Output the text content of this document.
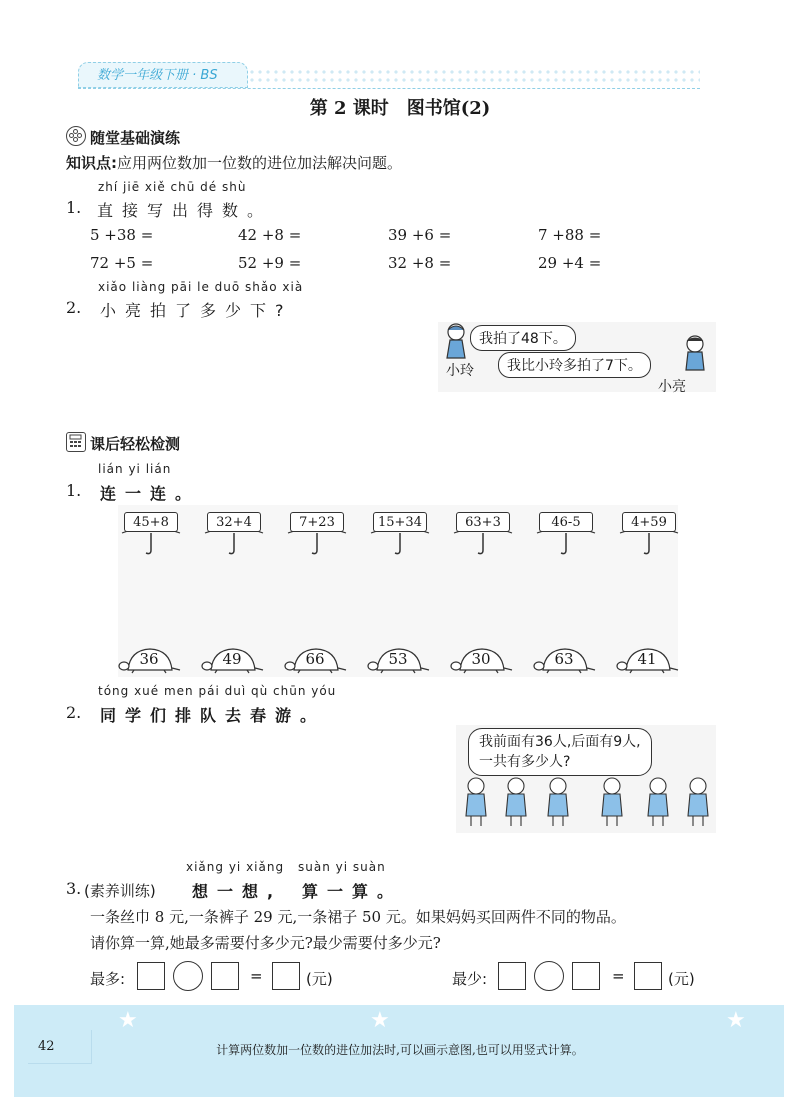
数学一年级下册 · BS
第 2 课时　图书馆(2)
随堂基础演练
知识点:应用两位数加一位数的进位加法解决问题。
zhí jiē xiě chū dé shù
1. 直接写出得数。
5 +38 =	42 +8 =	39 +6 =	7 +88 =
72 +5 =	52 +9 =	32 +8 =	29 +4 =
xiǎo liàng pāi le duō shǎo xià
2. 小亮拍了多少下?
我拍了48下。
小玲	我比小玲多拍了7下。
小亮
课后轻松检测
lián yi lián
1. 连一连。
45+8	32+4	7+23	15+34	63+3	46-5	4+59
36	49	66	53	30	63	41
tóng xué men pái duì qù chūn yóu
2. 同学们排队去春游。
我前面有36人,后面有9人,
一共有多少人?
xiǎng yi xiǎng suàn yi suàn
3. (素养训练) 想一想, 算一算。
一条丝巾 8 元,一条裤子 29 元,一条裙子 50 元。如果妈妈买回两件不同的物品。
请你算一算,她最多需要付多少元?最少需要付多少元?
最多:	=	(元)	最少:	=	(元)
★	★	★
42	计算两位数加一位数的进位加法时,可以画示意图,也可以用竖式计算。
